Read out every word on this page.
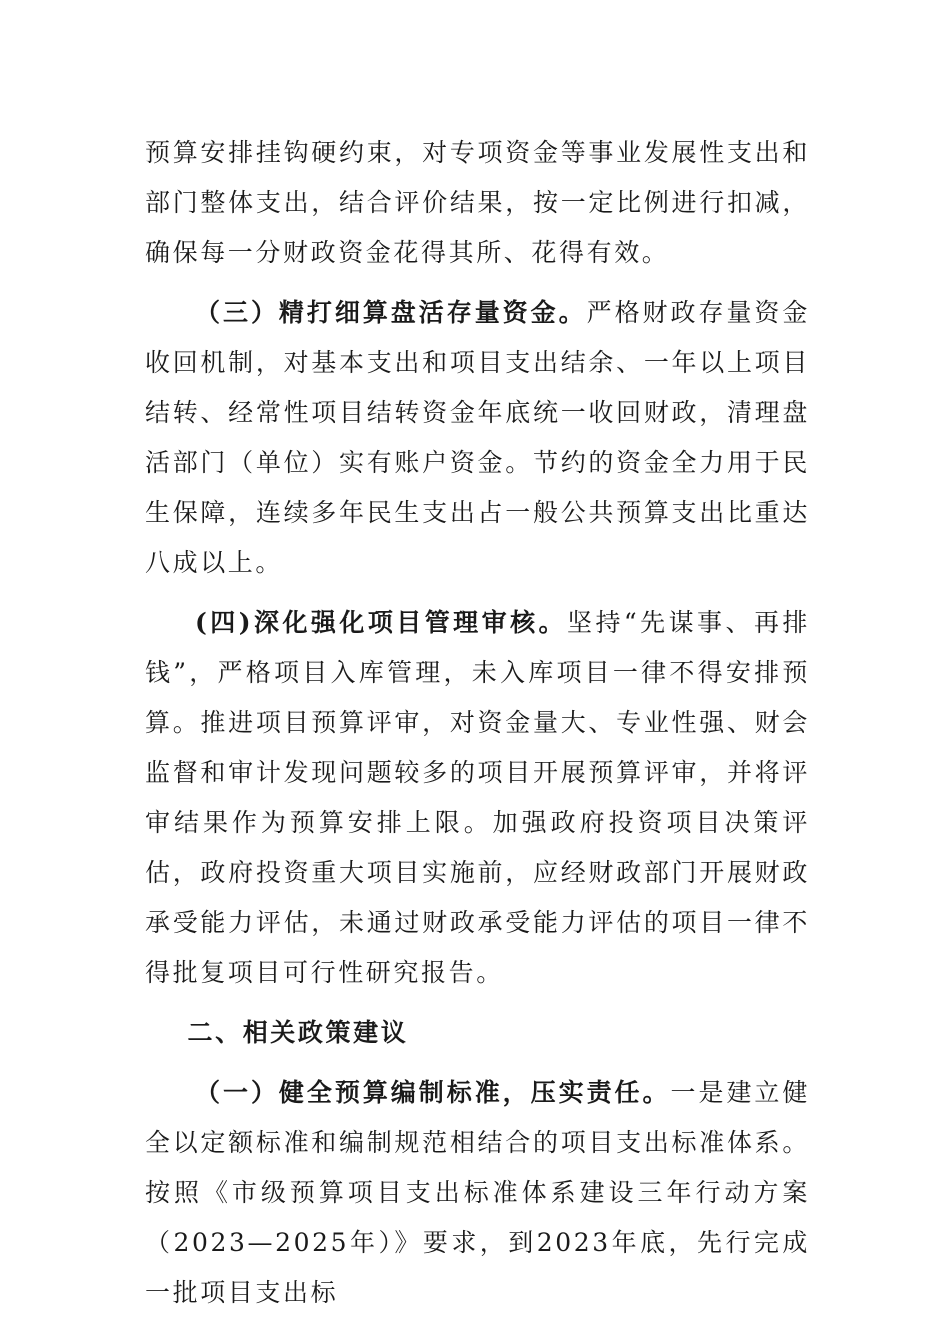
预算安排挂钩硬约束，对专项资金等事业发展性支出和部门整体支出，结合评价结果，按一定比例进行扣减，确保每一分财政资金花得其所、花得有效。

（三）精打细算盘活存量资金。严格财政存量资金收回机制，对基本支出和项目支出结余、一年以上项目结转、经常性项目结转资金年底统一收回财政，清理盘活部门（单位）实有账户资金。节约的资金全力用于民生保障，连续多年民生支出占一般公共预算支出比重达八成以上。

(四)深化强化项目管理审核。坚持“先谋事、再排钱”，严格项目入库管理，未入库项目一律不得安排预算。推进项目预算评审，对资金量大、专业性强、财会监督和审计发现问题较多的项目开展预算评审，并将评审结果作为预算安排上限。加强政府投资项目决策评估，政府投资重大项目实施前，应经财政部门开展财政承受能力评估，未通过财政承受能力评估的项目一律不得批复项目可行性研究报告。

二、相关政策建议

（一）健全预算编制标准，压实责任。一是建立健全以定额标准和编制规范相结合的项目支出标准体系。按照《市级预算项目支出标准体系建设三年行动方案（2023—2025年）》要求，到2023年底，先行完成一批项目支出标
